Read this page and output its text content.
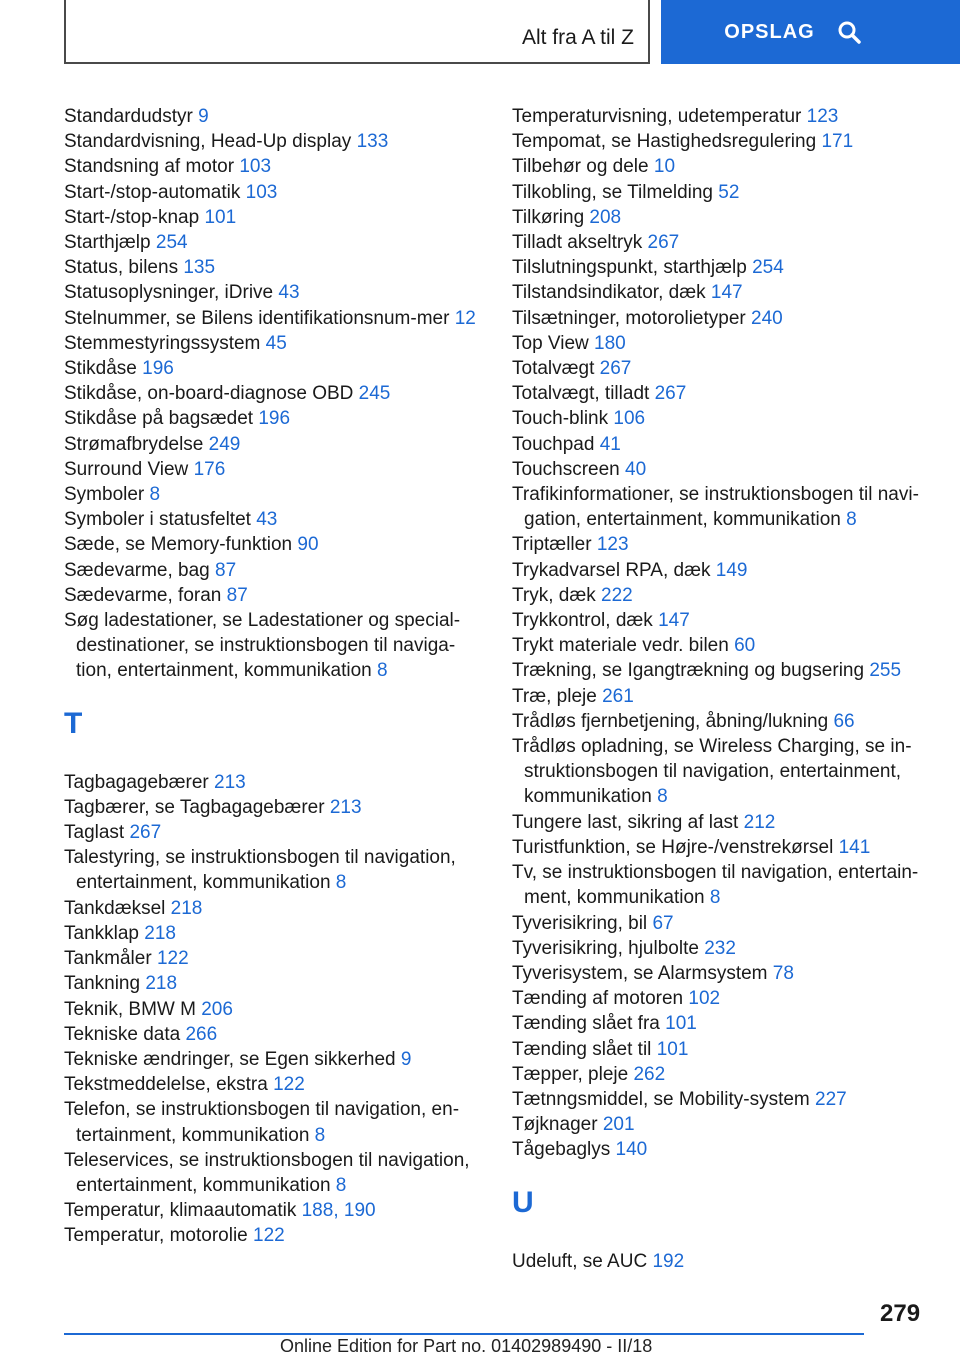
Alt fra A til Z	OPSLAG
Standardudstyr 9
Standardvisning, Head-Up display 133
Standsning af motor 103
Start-/stop-automatik 103
Start-/stop-knap 101
Starthjælp 254
Status, bilens 135
Statusoplysninger, iDrive 43
Stelnummer, se Bilens identifikationsnum-mer 12
Stemmestyringssystem 45
Stikdåse 196
Stikdåse, on-board-diagnose OBD 245
Stikdåse på bagsædet 196
Strømafbrydelse 249
Surround View 176
Symboler 8
Symboler i statusfeltet 43
Sæde, se Memory-funktion 90
Sædevarme, bag 87
Sædevarme, foran 87
Søg ladestationer, se Ladestationer og special-destinationer, se instruktionsbogen til naviga-tion, entertainment, kommunikation 8
T
Tagbagagebærer 213
Tagbærer, se Tagbagagebærer 213
Taglast 267
Talestyring, se instruktionsbogen til navigation, entertainment, kommunikation 8
Tankdæksel 218
Tankklap 218
Tankmåler 122
Tankning 218
Teknik, BMW M 206
Tekniske data 266
Tekniske ændringer, se Egen sikkerhed 9
Tekstmeddelelse, ekstra 122
Telefon, se instruktionsbogen til navigation, en-tertainment, kommunikation 8
Teleservices, se instruktionsbogen til navigation, entertainment, kommunikation 8
Temperatur, klimaautomatik 188, 190
Temperatur, motorolie 122
Temperaturvisning, udetemperatur 123
Tempomat, se Hastighedsregulering 171
Tilbehør og dele 10
Tilkobling, se Tilmelding 52
Tilkøring 208
Tilladt akseltryk 267
Tilslutningspunkt, starthjælp 254
Tilstandsindikator, dæk 147
Tilsætninger, motorolietyper 240
Top View 180
Totalvægt 267
Totalvægt, tilladt 267
Touch-blink 106
Touchpad 41
Touchscreen 40
Trafikinformationer, se instruktionsbogen til navi-gation, entertainment, kommunikation 8
Triptæller 123
Trykadvarsel RPA, dæk 149
Tryk, dæk 222
Trykkontrol, dæk 147
Trykt materiale vedr. bilen 60
Trækning, se Igangtrækning og bugsering 255
Træ, pleje 261
Trådløs fjernbetjening, åbning/lukning 66
Trådløs opladning, se Wireless Charging, se in-struktionsbogen til navigation, entertainment, kommunikation 8
Tungere last, sikring af last 212
Turistfunktion, se Højre-/venstrekørsel 141
Tv, se instruktionsbogen til navigation, entertain-ment, kommunikation 8
Tyverisikring, bil 67
Tyverisikring, hjulbolte 232
Tyverisystem, se Alarmsystem 78
Tænding af motoren 102
Tænding slået fra 101
Tænding slået til 101
Tæpper, pleje 262
Tætnngsmiddel, se Mobility-system 227
Tøjknager 201
Tågebaglys 140
U
Udeluft, se AUC 192
279
Online Edition for Part no. 01402989490 - II/18
